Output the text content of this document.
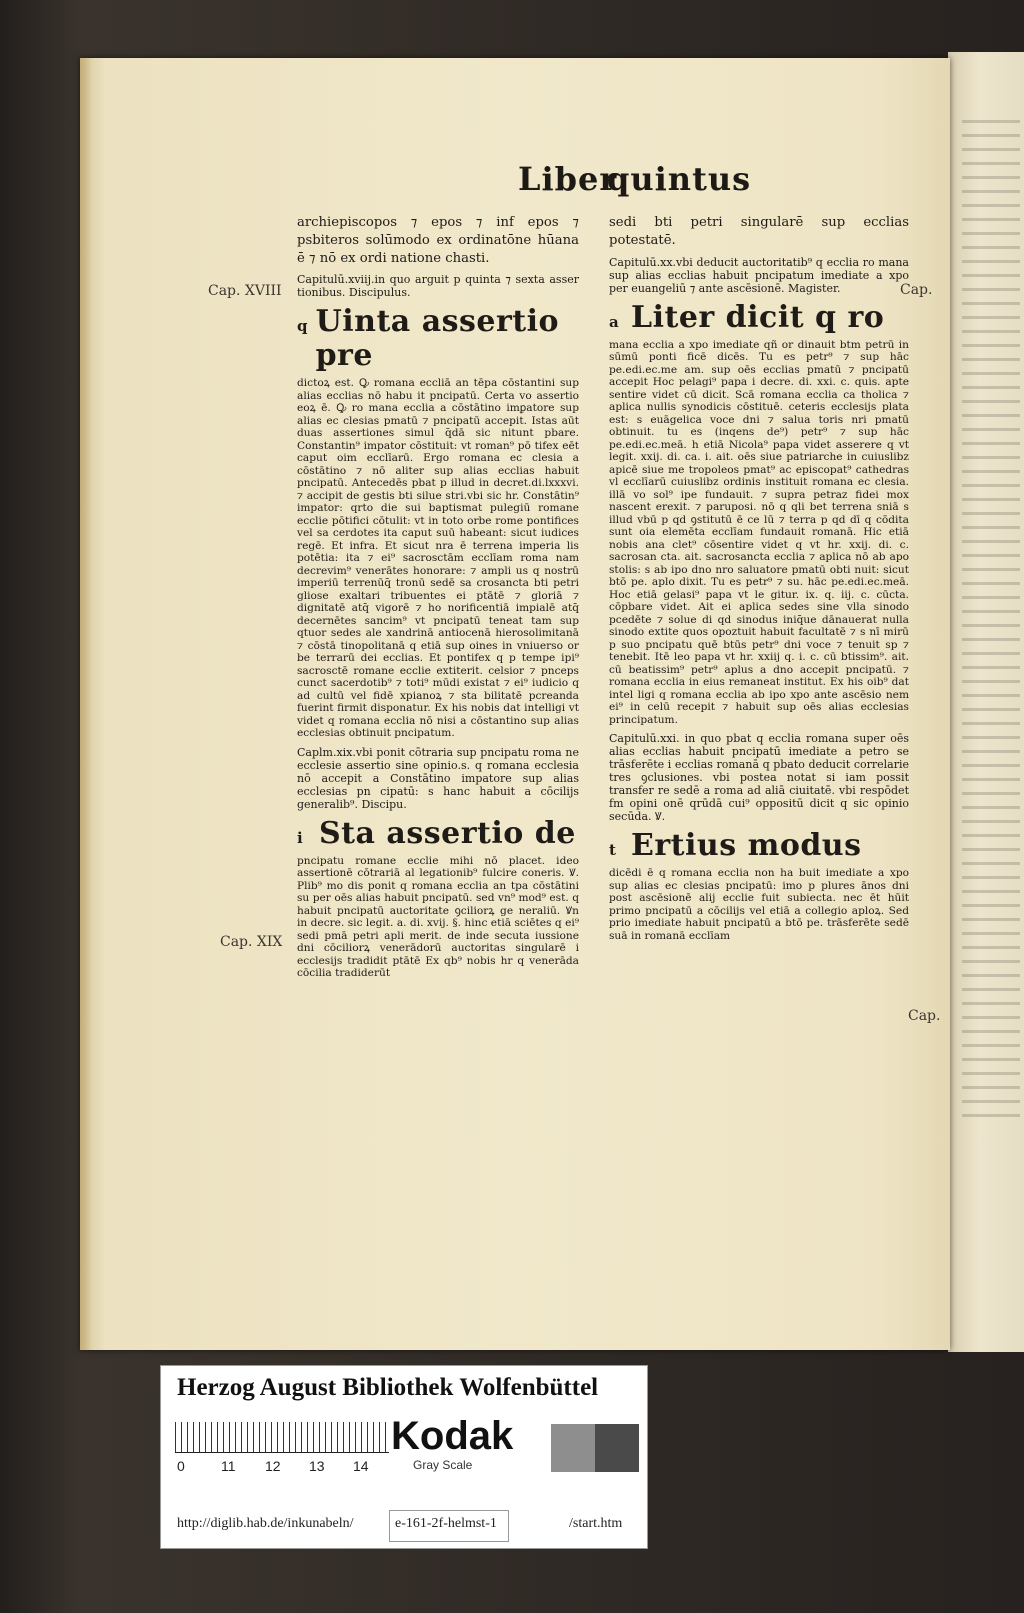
Liber
quintus
Cap. XVIII
Cap. XIX
Cap.
Cap.

archiepiscopos ⁊ epos ⁊ inf epos ⁊ psbiteros solūmodo ex ordinatōne hūana ē ⁊ nō ex ordi natione chasti.

Capitulū.xviij.in quo arguit p quinta ⁊ sexta asser tionibus. Discipulus.

q Uinta assertio pre

dictoꝝ est. Ꝙ romana eccliā an tēpa cōstantini sup alias ecclias nō habu it pncipatū. Certa vo assertio eoꝝ ē. Ꝙ ro mana ecclia a cōstātino imꝑatore sup alias ec clesias pmatū ⁊ pncipatū accepit. Istas aūt duas assertiones simul q̄dā sic nitunt pbare. Constantin⁹ impator cōstituit: vt roman⁹ pō tifex eēt caput oim ecclīarū. Ergo romana ec clesia a cōstātino ⁊ nō aliter sup alias ecclias habuit pncipatū. Antecedēs pbat p illud in decret.di.lxxxvi. ⁊ accipit de gestis bti silue stri.vbi sic hr. Constātin⁹ impator: qrto die sui baptismat pulegiū romane ecclie pōtifici cōtulit: vt in toto orbe rome pontifices vel sa cerdotes ita caput suū habeant: sicut iudices regē. Et infra. Et sicut nra ē terrena imperia lis potētia: ita ⁊ ei⁹ sacrosctām ecclīam roma nam decrevim⁹ venerātes honorare: ⁊ ampli us q nostrū imperiū terrenūq̄ tronū sedē sa crosancta bti petri gliose exaltari tribuentes ei ptātē ⁊ gloriā ⁊ dignitatē atq̄ vigorē ⁊ ho norificentiā impialē atq̄ decernētes sancim⁹ vt pncipatū teneat tam sup qtuor sedes ale xandrinā antiocenā hierosolimitanā ⁊ cōstā tinopolitanā q etiā sup oines in vniuerso or be terrarū dei ecclias. Et pontifex q p tempe ipi⁹ sacrosctē romane ecclie extiterit. celsior ⁊ pnceps cunct sacerdotib⁹ ⁊ toti⁹ mūdi existat ⁊ ei⁹ iudicio q ad cultū vel fidē xpianoꝝ ⁊ sta bilitatē pcreanda fuerint firmit disponatur. Ex his nobis dat intelligi vt videt q romana ecclia nō nisi a cōstantino sup alias ecclesias obtinuit pncipatum.

Caplm.xix.vbi ponit cōtraria sup pncipatu roma ne ecclesie assertio sine opinio.s. q romana ecclesia nō accepit a Constātino impatore sup alias ecclesias pn cipatū: s hanc habuit a cōcilijs generalib⁹. Discipu.

i Sta assertio de

pncipatu romane ecclie mihi nō placet. ideo assertionē cōtrariā al legationib⁹ fulcire coneris. Ꝟ. Plib⁹ mo dis ponit q romana ecclia an tpa cōstātini su per oēs alias habuit pncipatū. sed vn⁹ mod⁹ est. q habuit pncipatū auctoritate ꝯciliorꝝ ge neraliū. Ꝟn in decre. sic legit. a. di. xvij. §. hinc etiā sciētes q ei⁹ sedi pmā petri apli merit. de inde secuta iussione dni cōciliorꝝ venerādorū auctoritas singularē i ecclesijs tradidit ptātē Ex qb⁹ nobis hr q venerāda cōcilia tradiderūt

sedi bti petri singularē sup ecclias potestatē.

Capitulū.xx.vbi deducit auctoritatib⁹ q ecclia ro mana sup alias ecclias habuit pncipatum imediate a xpo per euangeliū ⁊ ante ascēsionē. Magister.

a Liter dicit q ro

mana ecclia a xpo imediate qñ or dinauit btm petrū in sūmū ponti ficē dicēs. Tu es petr⁹ ⁊ sup hāc pe.edi.ec.me am. sup oēs ecclias pmatū ⁊ pncipatū accepit Hoc pelagi⁹ papa i decre. di. xxi. c. quis. apte sentire videt cū dicit. Scā romana ecclia ca tholica ⁊ aplica nullis synodicis cōstituē. ceteris ecclesijs plata est: s euāgelica voce dni ⁊ salua toris nri pmatū obtinuit. tu es (inqens de⁹) petr⁹ ⁊ sup hāc pe.edi.ec.meā. h etiā Nicola⁹ papa videt asserere q vt legit. xxij. di. ca. i. ait. oēs siue patriarche in cuiuslibz apicē siue me tropoleos pmat⁹ ac episcopat⁹ cathedras vl ecclīarū cuiuslibz ordinis instituit romana ec clesia. illā vo sol⁹ ipe fundauit. ⁊ supra petraz fidei mox nascent erexit. ⁊ paruposi. nō q qli bet terrena sniā s illud vbū p qd ꝯstitutū ē ce lū ⁊ terra p qd dī q cōdita sunt oia elemēta ecclīam fundauit romanā. Hic etiā nobis ana clet⁹ cōsentire videt q vt hr. xxij. di. c. sacrosan cta. ait. sacrosancta ecclia ⁊ aplica nō ab apo stolis: s ab ipo dno nro saluatore pmatū obti nuit: sicut btō pe. aplo dixit. Tu es petr⁹ ⁊ su. hāc pe.edi.ec.meā. Hoc etiā gelasi⁹ papa vt le gitur. ix. q. iij. c. cūcta. cōpbare videt. Ait ei aplica sedes sine vlla sinodo pcedēte ⁊ solue di qd sinodus iniq̄ue dānauerat nulla sinodo extite quos opoztuit habuit facultatē ⁊ s nī mirū p suo pncipatu quē btūs petr⁹ dni voce ⁊ tenuit sp ⁊ tenebit. Itē leo papa vt hr. xxiij q. i. c. cū btissim⁹. ait. cū beatissim⁹ petr⁹ aplus a dno accepit pncipatū. ⁊ romana ecclia in eius remaneat institut. Ex his oib⁹ dat intel ligi q romana ecclia ab ipo xpo ante ascēsio nem ei⁹ in celū recepit ⁊ habuit sup oēs alias ecclesias principatum.

Capitulū.xxi. in quo pbat q ecclia romana super oēs alias ecclias habuit pncipatū imediate a petro se trāsferēte i ecclias romanā q pbato deducit correlarie tres ꝯclusiones. vbi postea notat si iam possit transfer re sedē a roma ad aliā ciuitatē. vbi respōdet fm opini onē qrūdā cui⁹ oppositū dicit q sic opinio secūda. Ꝟ.

t Ertius modus

dicēdi ē q romana ecclia non ha buit imediate a xpo sup alias ec clesias pncipatū: imo p plures ānos dni post ascēsionē alij ecclie fuit subiecta. nec ēt hūit primo pncipatū a cōcilijs vel etiā a collegio aploꝝ. Sed prio imediate habuit pncipatū a btō pe. trāsferēte sedē suā in romanā ecclīam

Herzog August Bibliothek Wolfenbüttel
0	11 12 13 14
Kodak
Gray Scale
http://diglib.hab.de/inkunabeln/	e-161-2f-helmst-1	/start.htm
